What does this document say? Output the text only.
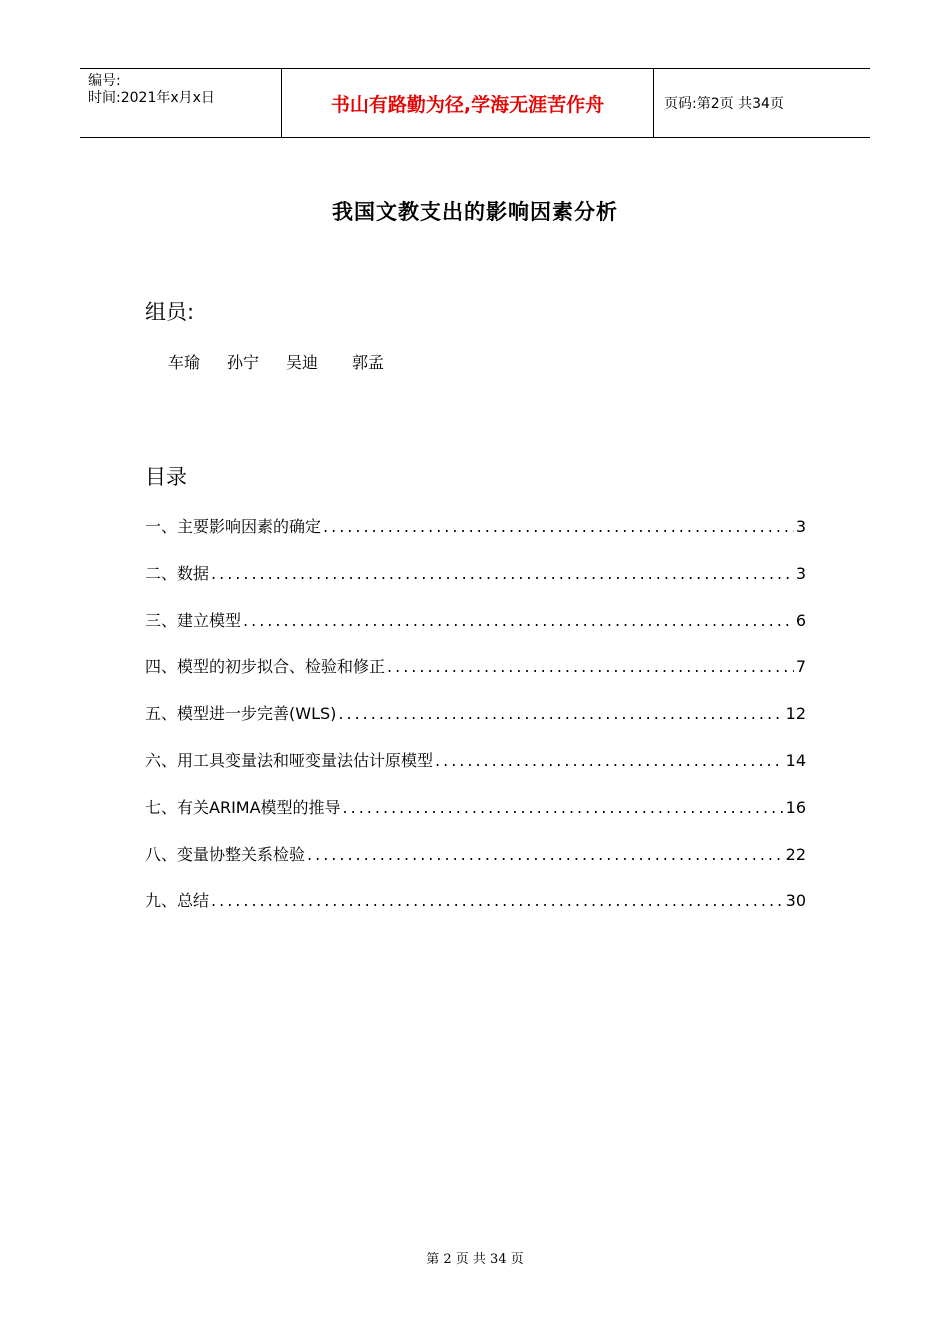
编号:
时间:2021年x月x日	书山有路勤为径,学海无涯苦作舟	页码:第2页 共34页
我国文教支出的影响因素分析
组员:
车瑜 孙宁 吴迪 郭孟
目录
一、主要影响因素的确定 .....	3
二、数据 .....	3
三、建立模型 .....	6
四、模型的初步拟合、检验和修正 .....	7
五、模型进一步完善(WLS) .....	12
六、用工具变量法和哑变量法估计原模型 .....	14
七、有关ARIMA模型的推导 .....	16
八、变量协整关系检验 .....	22
九、总结 .....	30
第 2 页 共 34 页
